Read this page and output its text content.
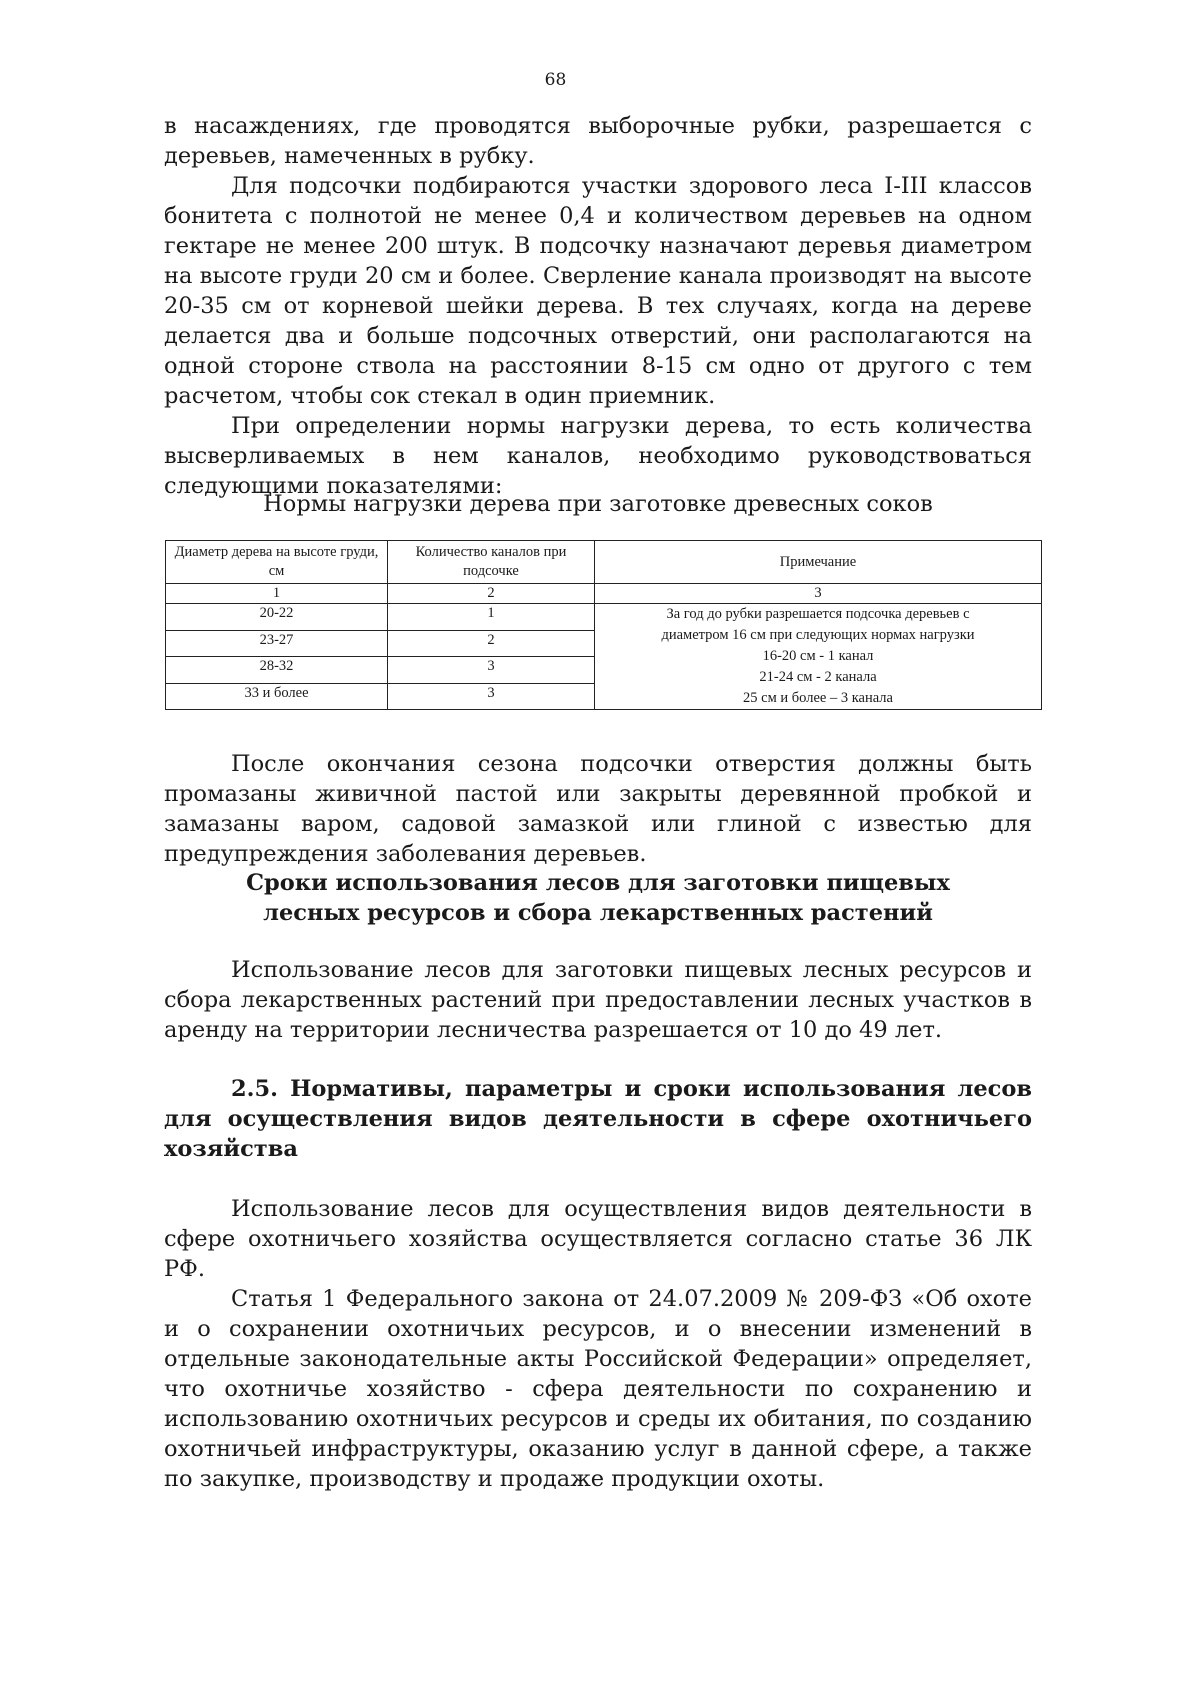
68

в насаждениях, где проводятся выборочные рубки, разрешается с деревьев, намеченных в рубку.

Для подсочки подбираются участки здорового леса I-III классов бонитета с полнотой не менее 0,4 и количеством деревьев на одном гектаре не менее 200 штук. В подсочку назначают деревья диаметром на высоте груди 20 см и более. Сверление канала производят на высоте 20-35 см от корневой шейки дерева. В тех случаях, когда на дереве делается два и больше подсочных отверстий, они располагаются на одной стороне ствола на расстоянии 8-15 см одно от другого с тем расчетом, чтобы сок стекал в один приемник.

При определении нормы нагрузки дерева, то есть количества высверливаемых в нем каналов, необходимо руководствоваться следующими показателями:

Нормы нагрузки дерева при заготовке древесных соков

Диаметр дерева на высоте груди, см	Количество каналов при подсочке	Примечание
1	2	3
20-22	1	За год до рубки разрешается подсочка деревьев с
диаметром 16 см при следующих нормах нагрузки
16-20 см - 1 канал
21-24 см - 2 канала
25 см и более – 3 канала

23-27	2	
28-32	3	
33 и более	3	

После окончания сезона подсочки отверстия должны быть промазаны живичной пастой или закрыты деревянной пробкой и замазаны варом, садовой замазкой или глиной с известью для предупреждения заболевания деревьев.

Сроки использования лесов для заготовки пищевых

лесных ресурсов и сбора лекарственных растений

Использование лесов для заготовки пищевых лесных ресурсов и сбора лекарственных растений при предоставлении лесных участков в аренду на территории лесничества разрешается от 10 до 49 лет.

2.5. Нормативы, параметры и сроки использования лесов для осуществления видов деятельности в сфере охотничьего хозяйства

Использование лесов для осуществления видов деятельности в сфере охотничьего хозяйства осуществляется согласно статье 36 ЛК РФ.

Статья 1 Федерального закона от 24.07.2009 № 209-ФЗ «Об охоте и о сохранении охотничьих ресурсов, и о внесении изменений в отдельные законодательные акты Российской Федерации» определяет, что охотничье хозяйство - сфера деятельности по сохранению и использованию охотничьих ресурсов и среды их обитания, по созданию охотничьей инфраструктуры, оказанию услуг в данной сфере, а также по закупке, производству и продаже продукции охоты.
